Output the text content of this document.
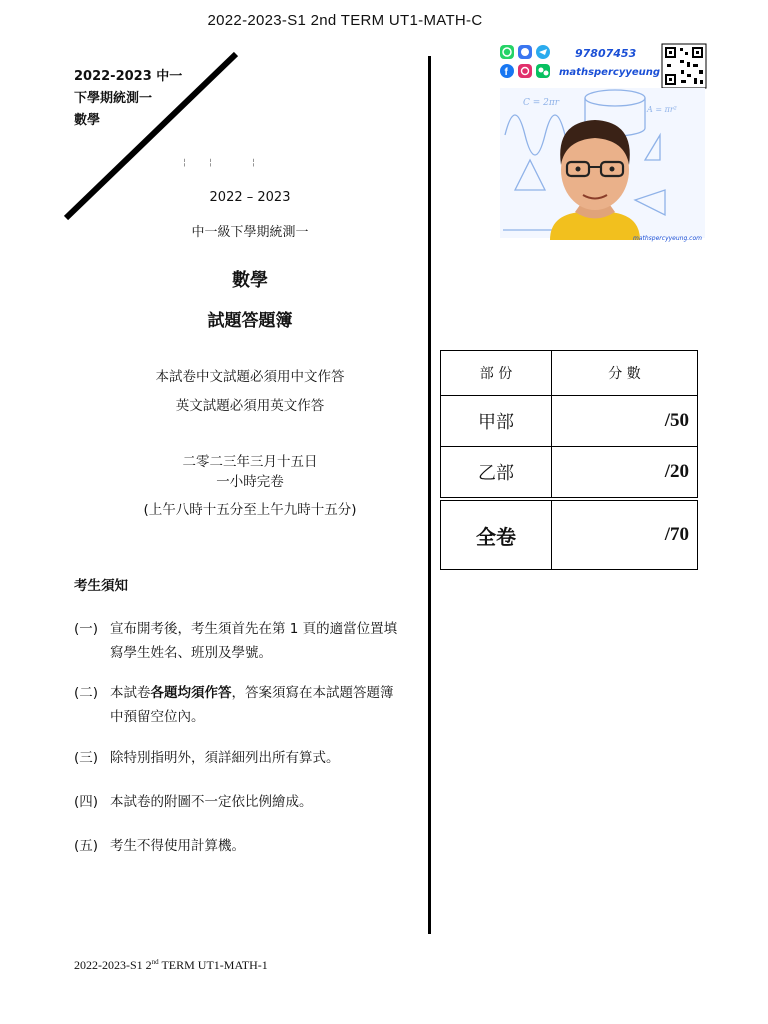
2022-2023-S1 2nd TERM UT1-MATH-C
2022-2023 中一
下學期統測一
數學
¦        ¦              ¦
2022 – 2023
中一級下學期統測一
數學
試題答題簿
本試卷中文試題必須用中文作答
英文試題必須用英文作答
二零二三年三月十五日
一小時完卷
(上午八時十五分至上午九時十五分)
考生須知
(一) 宣布開考後，考生須首先在第 1 頁的適當位置填寫學生姓名、班別及學號。
(二) 本試卷各題均須作答，答案須寫在本試題答題簿中預留空位內。
(三) 除特別指明外，須詳細列出所有算式。
(四) 本試卷的附圖不一定依比例繪成。
(五) 考生不得使用計算機。
部 份	分 數
甲部	/50
乙部	/20
全卷	/70
f
97807453
mathspercyyeung
C = 2πr
A = πr²
mathspercyyeung.com
2022-2023-S1 2nd TERM UT1-MATH-1
